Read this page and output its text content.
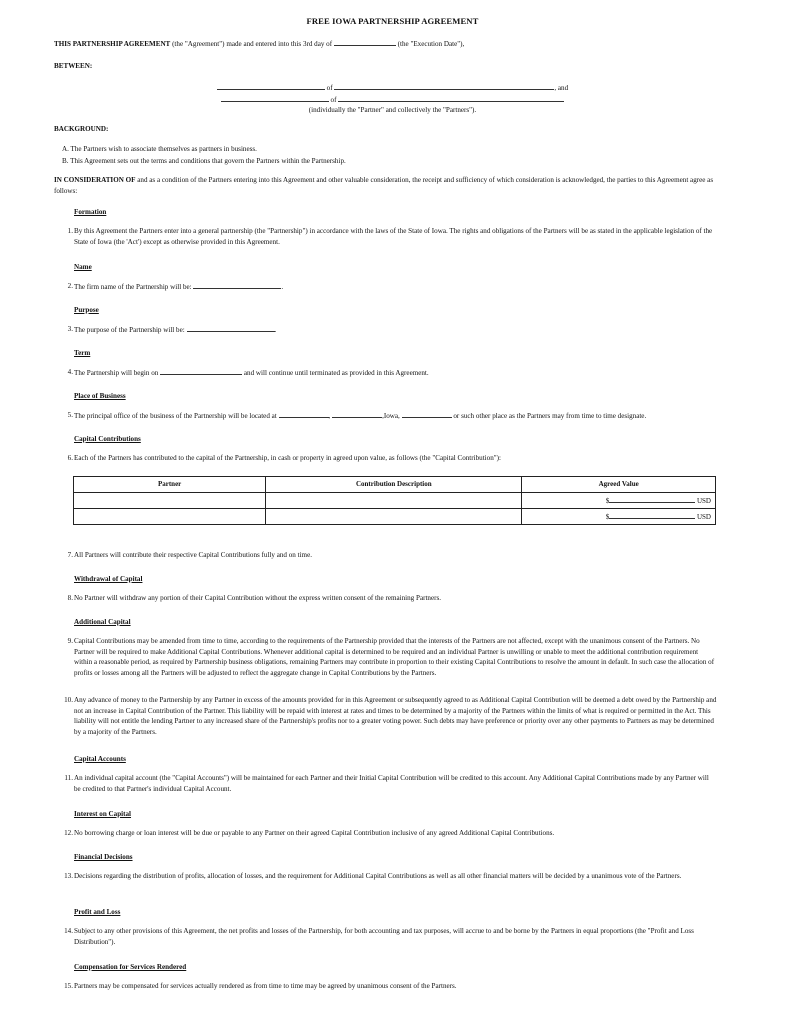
FREE IOWA PARTNERSHIP AGREEMENT
THIS PARTNERSHIP AGREEMENT (the "Agreement") made and entered into this 3rd day of	(the "Execution Date"),
BETWEEN:
of	, and
of
(individually the "Partner" and collectively the "Partners").
BACKGROUND:
A. The Partners wish to associate themselves as partners in business.
B. This Agreement sets out the terms and conditions that govern the Partners within the Partnership.
IN CONSIDERATION OF and as a condition of the Partners entering into this Agreement and other valuable consideration, the receipt and sufficiency of which consideration is acknowledged, the parties to this Agreement agree as follows:
Formation
1. By this Agreement the Partners enter into a general partnership (the "Partnership") in accordance with the laws of the State of Iowa. The rights and obligations of the Partners will be as stated in the applicable legislation of the State of Iowa (the 'Act') except as otherwise provided in this Agreement.
Name
2. The firm name of the Partnership will be:	.
Purpose
3. The purpose of the Partnership will be:	.
Term
4. The Partnership will begin on	and will continue until terminated as provided in this Agreement.
Place of Business
5. The principal office of the business of the Partnership will be located at	,	,Iowa,	or such other place as the Partners may from time to time designate.
Capital Contributions
6. Each of the Partners has contributed to the capital of the Partnership, in cash or property in agreed upon value, as follows (the "Capital Contribution"):
Partner	Contribution Description	Agreed Value
		$ USD
		$ USD
7. All Partners will contribute their respective Capital Contributions fully and on time.
Withdrawal of Capital
8. No Partner will withdraw any portion of their Capital Contribution without the express written consent of the remaining Partners.
Additional Capital
9. Capital Contributions may be amended from time to time, according to the requirements of the Partnership provided that the interests of the Partners are not affected, except with the unanimous consent of the Partners. No Partner will be required to make Additional Capital Contributions. Whenever additional capital is determined to be required and an individual Partner is unwilling or unable to meet the additional contribution requirement within a reasonable period, as required by Partnership business obligations, remaining Partners may contribute in proportion to their existing Capital Contributions to resolve the amount in default. In such case the allocation of profits or losses among all the Partners will be adjusted to reflect the aggregate change in Capital Contributions by the Partners.
10. Any advance of money to the Partnership by any Partner in excess of the amounts provided for in this Agreement or subsequently agreed to as Additional Capital Contribution will be deemed a debt owed by the Partnership and not an increase in Capital Contribution of the Partner. This liability will be repaid with interest at rates and times to be determined by a majority of the Partners within the limits of what is required or permitted in the Act. This liability will not entitle the lending Partner to any increased share of the Partnership's profits nor to a greater voting power. Such debts may have preference or priority over any other payments to Partners as may be determined by a majority of the Partners.
Capital Accounts
11. An individual capital account (the "Capital Accounts") will be maintained for each Partner and their Initial Capital Contribution will be credited to this account. Any Additional Capital Contributions made by any Partner will be credited to that Partner's individual Capital Account.
Interest on Capital
12. No borrowing charge or loan interest will be due or payable to any Partner on their agreed Capital Contribution inclusive of any agreed Additional Capital Contributions.
Financial Decisions
13. Decisions regarding the distribution of profits, allocation of losses, and the requirement for Additional Capital Contributions as well as all other financial matters will be decided by a unanimous vote of the Partners.
Profit and Loss
14. Subject to any other provisions of this Agreement, the net profits and losses of the Partnership, for both accounting and tax purposes, will accrue to and be borne by the Partners in equal proportions (the "Profit and Loss Distribution").
Compensation for Services Rendered
15. Partners may be compensated for services actually rendered as from time to time may be agreed by unanimous consent of the Partners.
